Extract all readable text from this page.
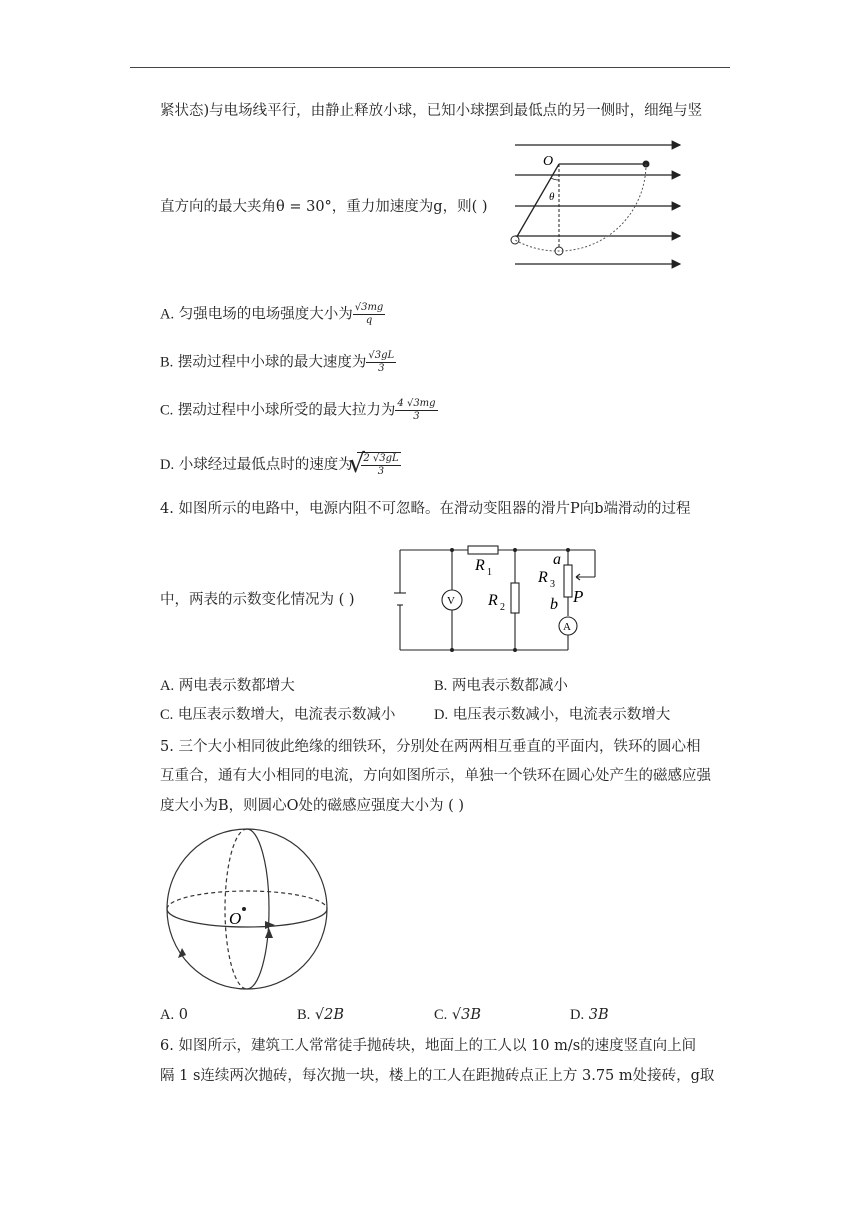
紧状态)与电场线平行，由静止释放小球，已知小球摆到最低点的另一侧时，细绳与竖
直方向的最大夹角θ = 30°，重力加速度为g，则( )
O
θ
A. 匀强电场的电场强度大小为 $\frac{√3mg}{q}$
B. 摆动过程中小球的最大速度为 $\frac{√3gL}{3}$
C. 摆动过程中小球所受的最大拉力为 $\frac{4 √3mg}{3}$
D. 小球经过最低点时的速度为
√
$\frac{2 √3gL}{3}$
4. 如图所示的电路中，电源内阻不可忽略。在滑动变阻器的滑片P向b端滑动的过程
中，两表的示数变化情况为 ( )	V
A
R 1
R 2
R 3
a
b P
A. 两电表示数都增大	B. 两电表示数都减小
C. 电压表示数增大，电流表示数减小	D. 电压表示数减小，电流表示数增大
5. 三个大小相同彼此绝缘的细铁环，分别处在两两相互垂直的平面内，铁环的圆心相
互重合，通有大小相同的电流，方向如图所示，单独一个铁环在圆心处产生的磁感应强
度大小为B，则圆心O处的磁感应强度大小为 ( )
O
A. 0	B. √2B	C. √3B	D. 3B
6. 如图所示，建筑工人常常徒手抛砖块，地面上的工人以 10 m/s的速度竖直向上间
隔 1 s连续两次抛砖，每次抛一块，楼上的工人在距抛砖点正上方 3.75 m处接砖，g取
